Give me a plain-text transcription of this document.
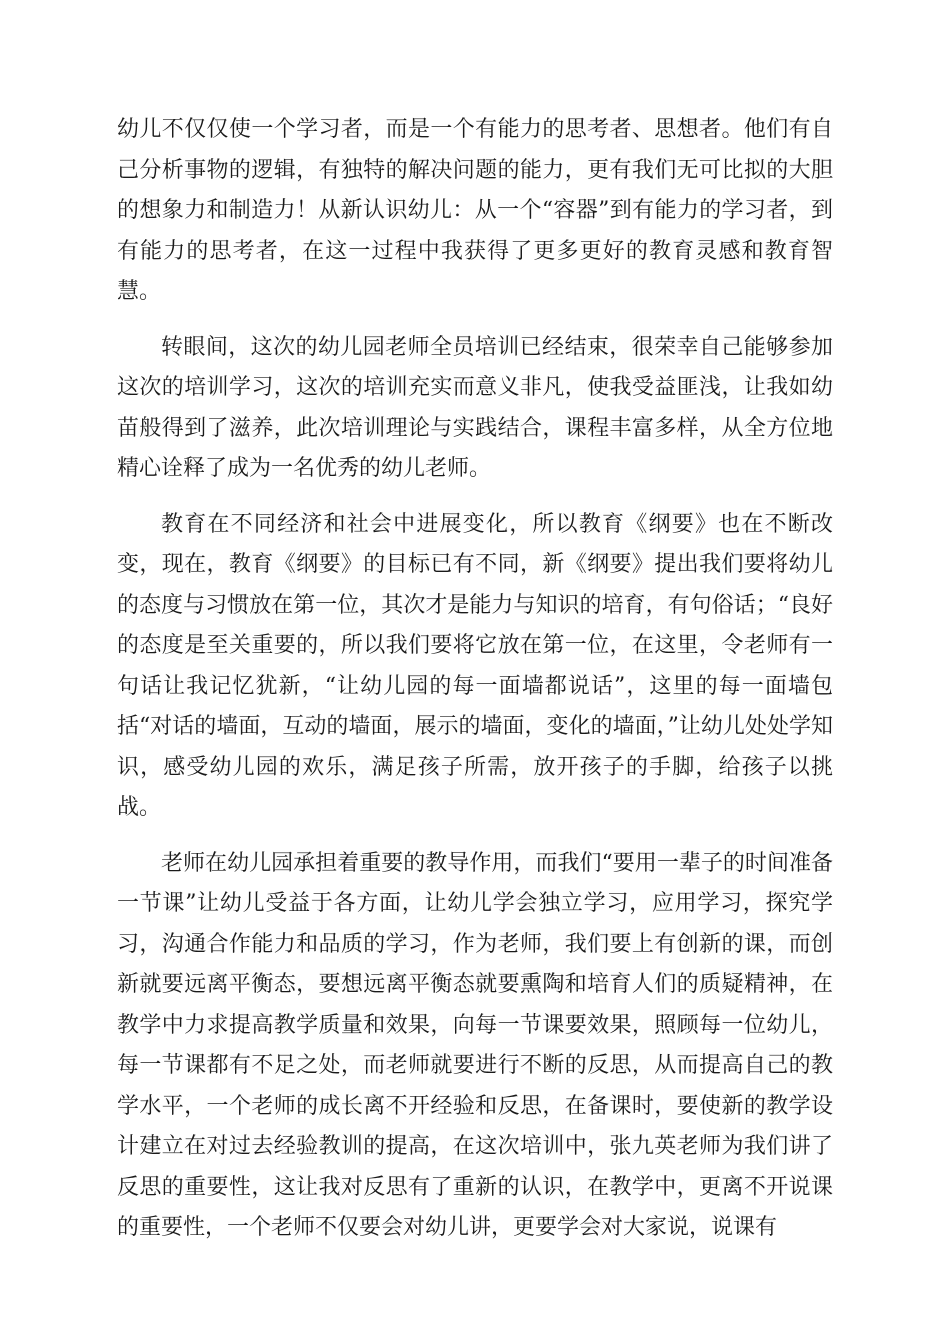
幼儿不仅仅使一个学习者，而是一个有能力的思考者、思想者。他们有自己分析事物的逻辑，有独特的解决问题的能力，更有我们无可比拟的大胆的想象力和制造力！从新认识幼儿：从一个“容器”到有能力的学习者，到有能力的思考者，在这一过程中我获得了更多更好的教育灵感和教育智慧。

转眼间，这次的幼儿园老师全员培训已经结束，很荣幸自己能够参加这次的培训学习，这次的培训充实而意义非凡，使我受益匪浅，让我如幼苗般得到了滋养，此次培训理论与实践结合，课程丰富多样，从全方位地精心诠释了成为一名优秀的幼儿老师。

教育在不同经济和社会中进展变化，所以教育《纲要》也在不断改变，现在，教育《纲要》的目标已有不同，新《纲要》提出我们要将幼儿的态度与习惯放在第一位，其次才是能力与知识的培育，有句俗话；“良好的态度是至关重要的，所以我们要将它放在第一位，在这里，令老师有一句话让我记忆犹新，“让幼儿园的每一面墙都说话”，这里的每一面墙包括“对话的墙面，互动的墙面，展示的墙面，变化的墙面，”让幼儿处处学知识，感受幼儿园的欢乐，满足孩子所需，放开孩子的手脚，给孩子以挑战。

老师在幼儿园承担着重要的教导作用，而我们“要用一辈子的时间准备一节课”让幼儿受益于各方面，让幼儿学会独立学习，应用学习，探究学习，沟通合作能力和品质的学习，作为老师，我们要上有创新的课，而创新就要远离平衡态，要想远离平衡态就要熏陶和培育人们的质疑精神，在教学中力求提高教学质量和效果，向每一节课要效果，照顾每一位幼儿，每一节课都有不足之处，而老师就要进行不断的反思，从而提高自己的教学水平，一个老师的成长离不开经验和反思，在备课时，要使新的教学设计建立在对过去经验教训的提高，在这次培训中，张九英老师为我们讲了反思的重要性，这让我对反思有了重新的认识，在教学中，更离不开说课的重要性，一个老师不仅要会对幼儿讲，更要学会对大家说，说课有
